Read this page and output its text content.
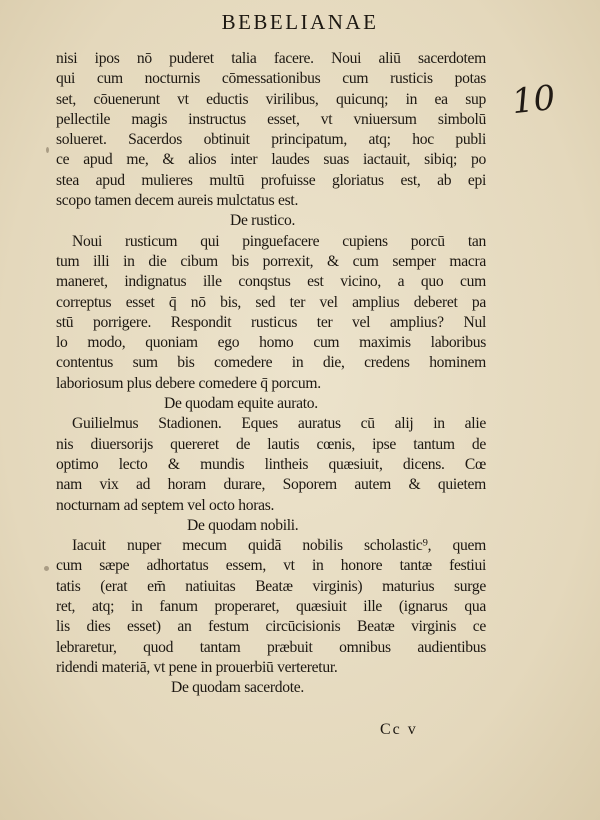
BEBELIANAE
nisi ipos nō puderet talia facere. Noui aliū sacerdotem
qui cum nocturnis cōmessationibus cum rusticis potas
set, cōuenerunt vt eductis virilibus, quicunq; in ea sup
pellectile magis instructus esset, vt vniuersum simbolū
solueret. Sacerdos obtinuit principatum, atq; hoc publi
ce apud me, & alios inter laudes suas iactauit, sibiq; po
stea apud mulieres multū profuisse gloriatus est, ab epi
scopo tamen decem aureis mulctatus est.
De rustico.
Noui rusticum qui pinguefacere cupiens porcū tan
tum illi in die cibum bis porrexit, & cum semper macra
maneret, indignatus ille conqstus est vicino, a quo cum
correptus esset q̄ nō bis, sed ter vel amplius deberet pa
stū porrigere. Respondit rusticus ter vel amplius? Nul
lo modo, quoniam ego homo cum maximis laboribus
contentus sum bis comedere in die, credens hominem
laboriosum plus debere comedere q̄ porcum.
De quodam equite aurato.
Guilielmus Stadionen. Eques auratus cū alij in alie
nis diuersorijs quereret de lautis cœnis, ipse tantum de
optimo lecto & mundis lintheis quæsiuit, dicens. Cœ
nam vix ad horam durare, Soporem autem & quietem
nocturnam ad septem vel octo horas.
De quodam nobili.
Iacuit nuper mecum quidā nobilis scholastic⁹, quem
cum sæpe adhortatus essem, vt in honore tantæ festiui
tatis (erat em̄ natiuitas Beatæ virginis) maturius surge
ret, atq; in fanum properaret, quæsiuit ille (ignarus qua
lis dies esset) an festum circūcisionis Beatæ virginis ce
lebraretur, quod tantam præbuit omnibus audientibus
ridendi materiā, vt pene in prouerbiū verteretur.
De quodam sacerdote.
Cc v
10
